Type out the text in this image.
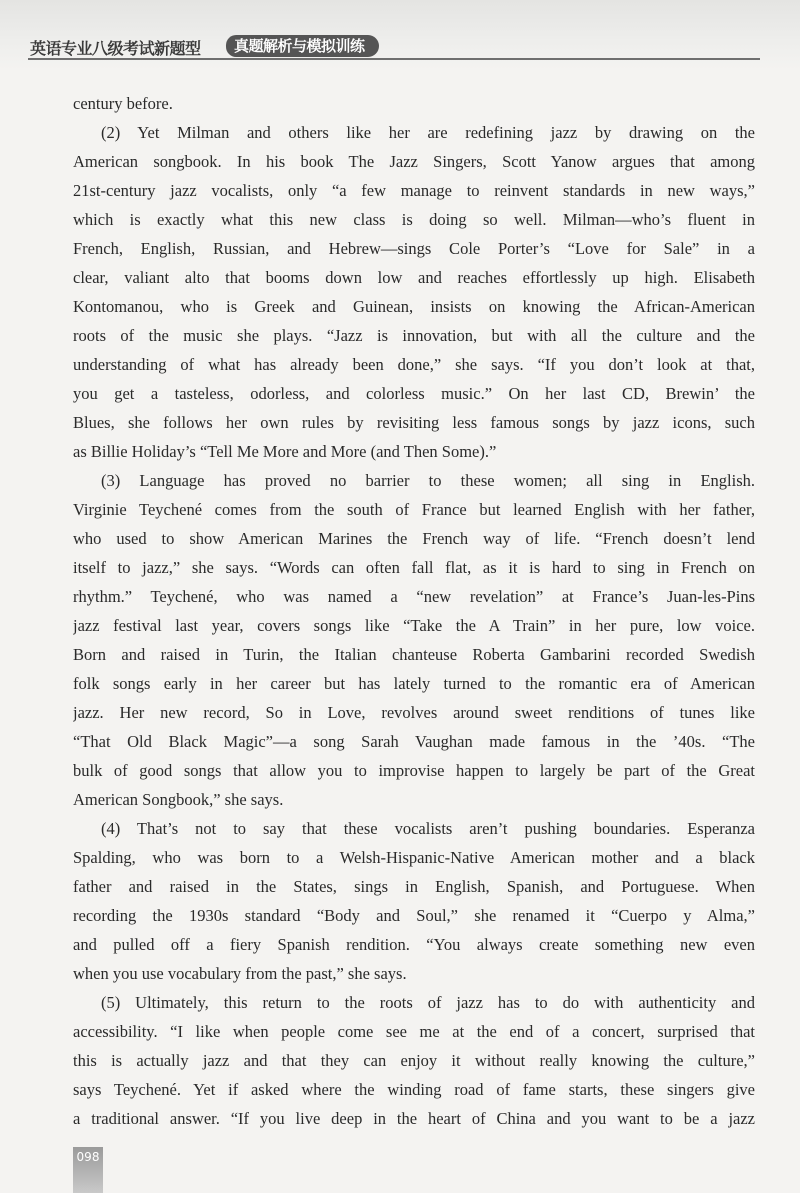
英语专业八级考试新题型	真题解析与模拟训练
century before.
(2) Yet Milman and others like her are redefining jazz by drawing on the
American songbook. In his book The Jazz Singers, Scott Yanow argues that among
21st-century jazz vocalists, only “a few manage to reinvent standards in new ways,”
which is exactly what this new class is doing so well. Milman—who’s fluent in
French, English, Russian, and Hebrew—sings Cole Porter’s “Love for Sale” in a
clear, valiant alto that booms down low and reaches effortlessly up high. Elisabeth
Kontomanou, who is Greek and Guinean, insists on knowing the African-American
roots of the music she plays. “Jazz is innovation, but with all the culture and the
understanding of what has already been done,” she says. “If you don’t look at that,
you get a tasteless, odorless, and colorless music.” On her last CD, Brewin’ the
Blues, she follows her own rules by revisiting less famous songs by jazz icons, such
as Billie Holiday’s “Tell Me More and More (and Then Some).”
(3) Language has proved no barrier to these women; all sing in English.
Virginie Teychené comes from the south of France but learned English with her father,
who used to show American Marines the French way of life. “French doesn’t lend
itself to jazz,” she says. “Words can often fall flat, as it is hard to sing in French on
rhythm.” Teychené, who was named a “new revelation” at France’s Juan-les-Pins
jazz festival last year, covers songs like “Take the A Train” in her pure, low voice.
Born and raised in Turin, the Italian chanteuse Roberta Gambarini recorded Swedish
folk songs early in her career but has lately turned to the romantic era of American
jazz. Her new record, So in Love, revolves around sweet renditions of tunes like
“That Old Black Magic”—a song Sarah Vaughan made famous in the ’40s. “The
bulk of good songs that allow you to improvise happen to largely be part of the Great
American Songbook,” she says.
(4) That’s not to say that these vocalists aren’t pushing boundaries. Esperanza
Spalding, who was born to a Welsh-Hispanic-Native American mother and a black
father and raised in the States, sings in English, Spanish, and Portuguese. When
recording the 1930s standard “Body and Soul,” she renamed it “Cuerpo y Alma,”
and pulled off a fiery Spanish rendition. “You always create something new even
when you use vocabulary from the past,” she says.
(5) Ultimately, this return to the roots of jazz has to do with authenticity and
accessibility. “I like when people come see me at the end of a concert, surprised that
this is actually jazz and that they can enjoy it without really knowing the culture,”
says Teychené. Yet if asked where the winding road of fame starts, these singers give
a traditional answer. “If you live deep in the heart of China and you want to be a jazz
098
